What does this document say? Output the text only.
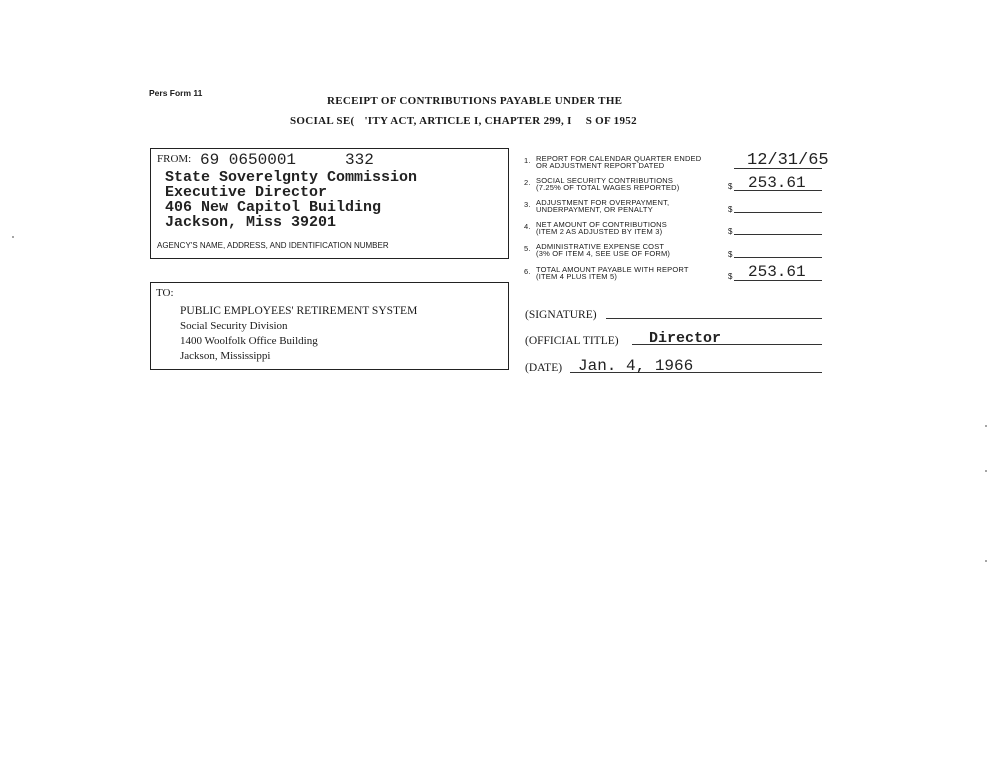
Pers Form 11
RECEIPT OF CONTRIBUTIONS PAYABLE UNDER THE
SOCIAL SE( 'ITY ACT, ARTICLE I, CHAPTER 299, I S OF 1952
FROM: 69 0650001	332
State Soverelgnty Commission
Executive Director
406 New Capitol Building
Jackson, Miss 39201
AGENCY'S NAME, ADDRESS, AND IDENTIFICATION NUMBER
TO:
PUBLIC EMPLOYEES' RETIREMENT SYSTEM
Social Security Division
1400 Woolfolk Office Building
Jackson, Mississippi
1. REPORT FOR CALENDAR QUARTER ENDED
OR ADJUSTMENT REPORT DATED	12/31/65
2. SOCIAL SECURITY CONTRIBUTIONS
(7.25% OF TOTAL WAGES REPORTED)	$ 253.61
3. ADJUSTMENT FOR OVERPAYMENT,
UNDERPAYMENT, OR PENALTY	$
4. NET AMOUNT OF CONTRIBUTIONS
(ITEM 2 AS ADJUSTED BY ITEM 3)	$
5. ADMINISTRATIVE EXPENSE COST
(3% OF ITEM 4, SEE USE OF FORM)	$
6. TOTAL AMOUNT PAYABLE WITH REPORT
(ITEM 4 PLUS ITEM 5)	$ 253.61
(SIGNATURE)
(OFFICIAL TITLE) Director
(DATE) Jan. 4, 1966
